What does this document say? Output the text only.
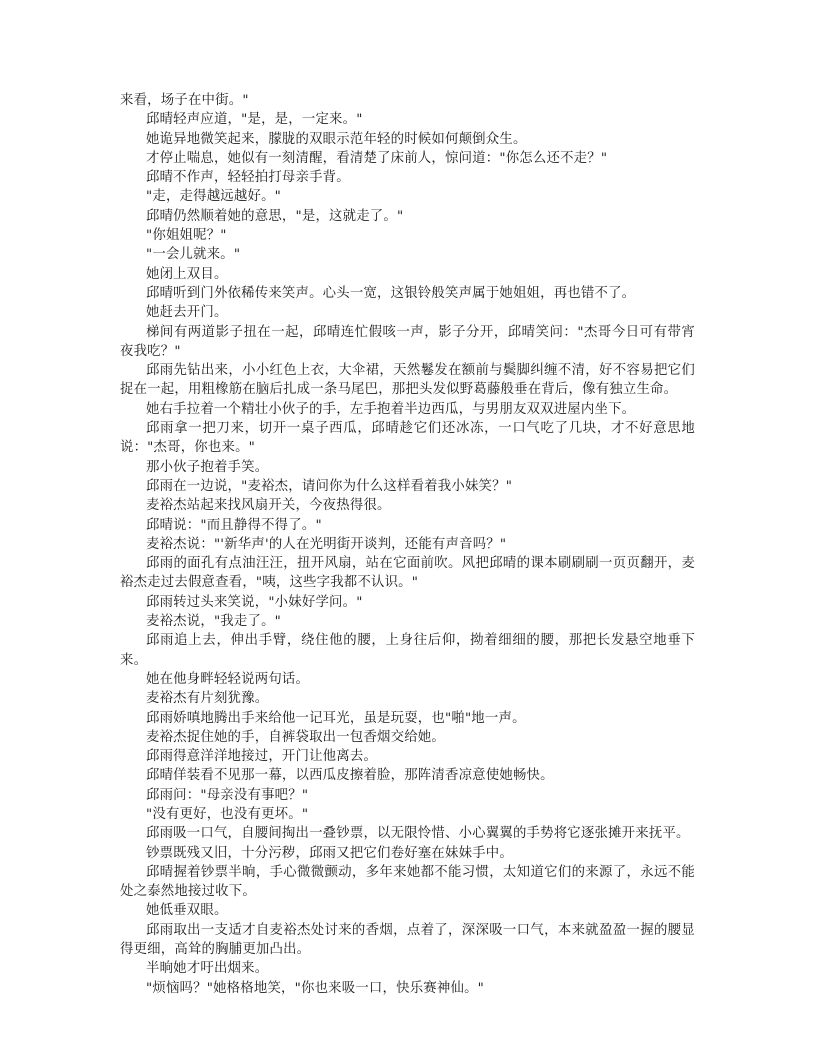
来看，场子在中街。"

邱晴轻声应道，"是，是，一定来。"

她诡异地微笑起来，朦胧的双眼示范年轻的时候如何颠倒众生。

才停止喘息，她似有一刻清醒，看清楚了床前人，惊问道："你怎么还不走？"

邱晴不作声，轻轻拍打母亲手背。

"走，走得越远越好。"

邱晴仍然顺着她的意思，"是，这就走了。"

"你姐姐呢？"

"一会儿就来。"

她闭上双目。

邱晴听到门外依稀传来笑声。心头一宽，这银铃般笑声属于她姐姐，再也错不了。

她赶去开门。

梯间有两道影子扭在一起，邱晴连忙假咳一声，影子分开，邱晴笑问："杰哥今日可有带宵夜我吃？"

邱雨先钻出来，小小红色上衣，大伞裙，天然鬈发在额前与鬓脚纠缠不清，好不容易把它们捉在一起，用粗橡筋在脑后扎成一条马尾巴，那把头发似野葛藤般垂在背后，像有独立生命。

她右手拉着一个精壮小伙子的手，左手抱着半边西瓜，与男朋友双双进屋内坐下。

邱雨拿一把刀来，切开一桌子西瓜，邱晴趁它们还冰冻，一口气吃了几块，才不好意思地说："杰哥，你也来。"

那小伙子抱着手笑。

邱雨在一边说，"麦裕杰，请问你为什么这样看着我小妹笑？"

麦裕杰站起来找风扇开关，今夜热得很。

邱晴说："而且静得不得了。"

麦裕杰说："'新华声'的人在光明街开谈判，还能有声音吗？"

邱雨的面孔有点油汪汪，扭开风扇，站在它面前吹。风把邱晴的课本刷刷刷一页页翻开，麦裕杰走过去假意查看，"咦，这些字我都不认识。"

邱雨转过头来笑说，"小妹好学问。"

麦裕杰说，"我走了。"

邱雨追上去，伸出手臂，绕住他的腰，上身往后仰，拗着细细的腰，那把长发悬空地垂下来。

她在他身畔轻轻说两句话。

麦裕杰有片刻犹豫。

邱雨娇嗔地腾出手来给他一记耳光，虽是玩耍，也"啪"地一声。

麦裕杰捉住她的手，自裤袋取出一包香烟交给她。

邱雨得意洋洋地接过，开门让他离去。

邱晴佯装看不见那一幕，以西瓜皮擦着脸，那阵清香凉意使她畅快。

邱雨问："母亲没有事吧？"

"没有更好，也没有更坏。"

邱雨吸一口气，自腰间掏出一叠钞票，以无限怜惜、小心翼翼的手势将它逐张摊开来抚平。

钞票既残又旧，十分污秽，邱雨又把它们卷好塞在妹妹手中。

邱晴握着钞票半晌，手心微微颤动，多年来她都不能习惯，太知道它们的来源了，永远不能处之泰然地接过收下。

她低垂双眼。

邱雨取出一支适才自麦裕杰处讨来的香烟，点着了，深深吸一口气，本来就盈盈一握的腰显得更细，高耸的胸脯更加凸出。

半晌她才吁出烟来。

"烦恼吗？"她格格地笑，"你也来吸一口，快乐赛神仙。"
